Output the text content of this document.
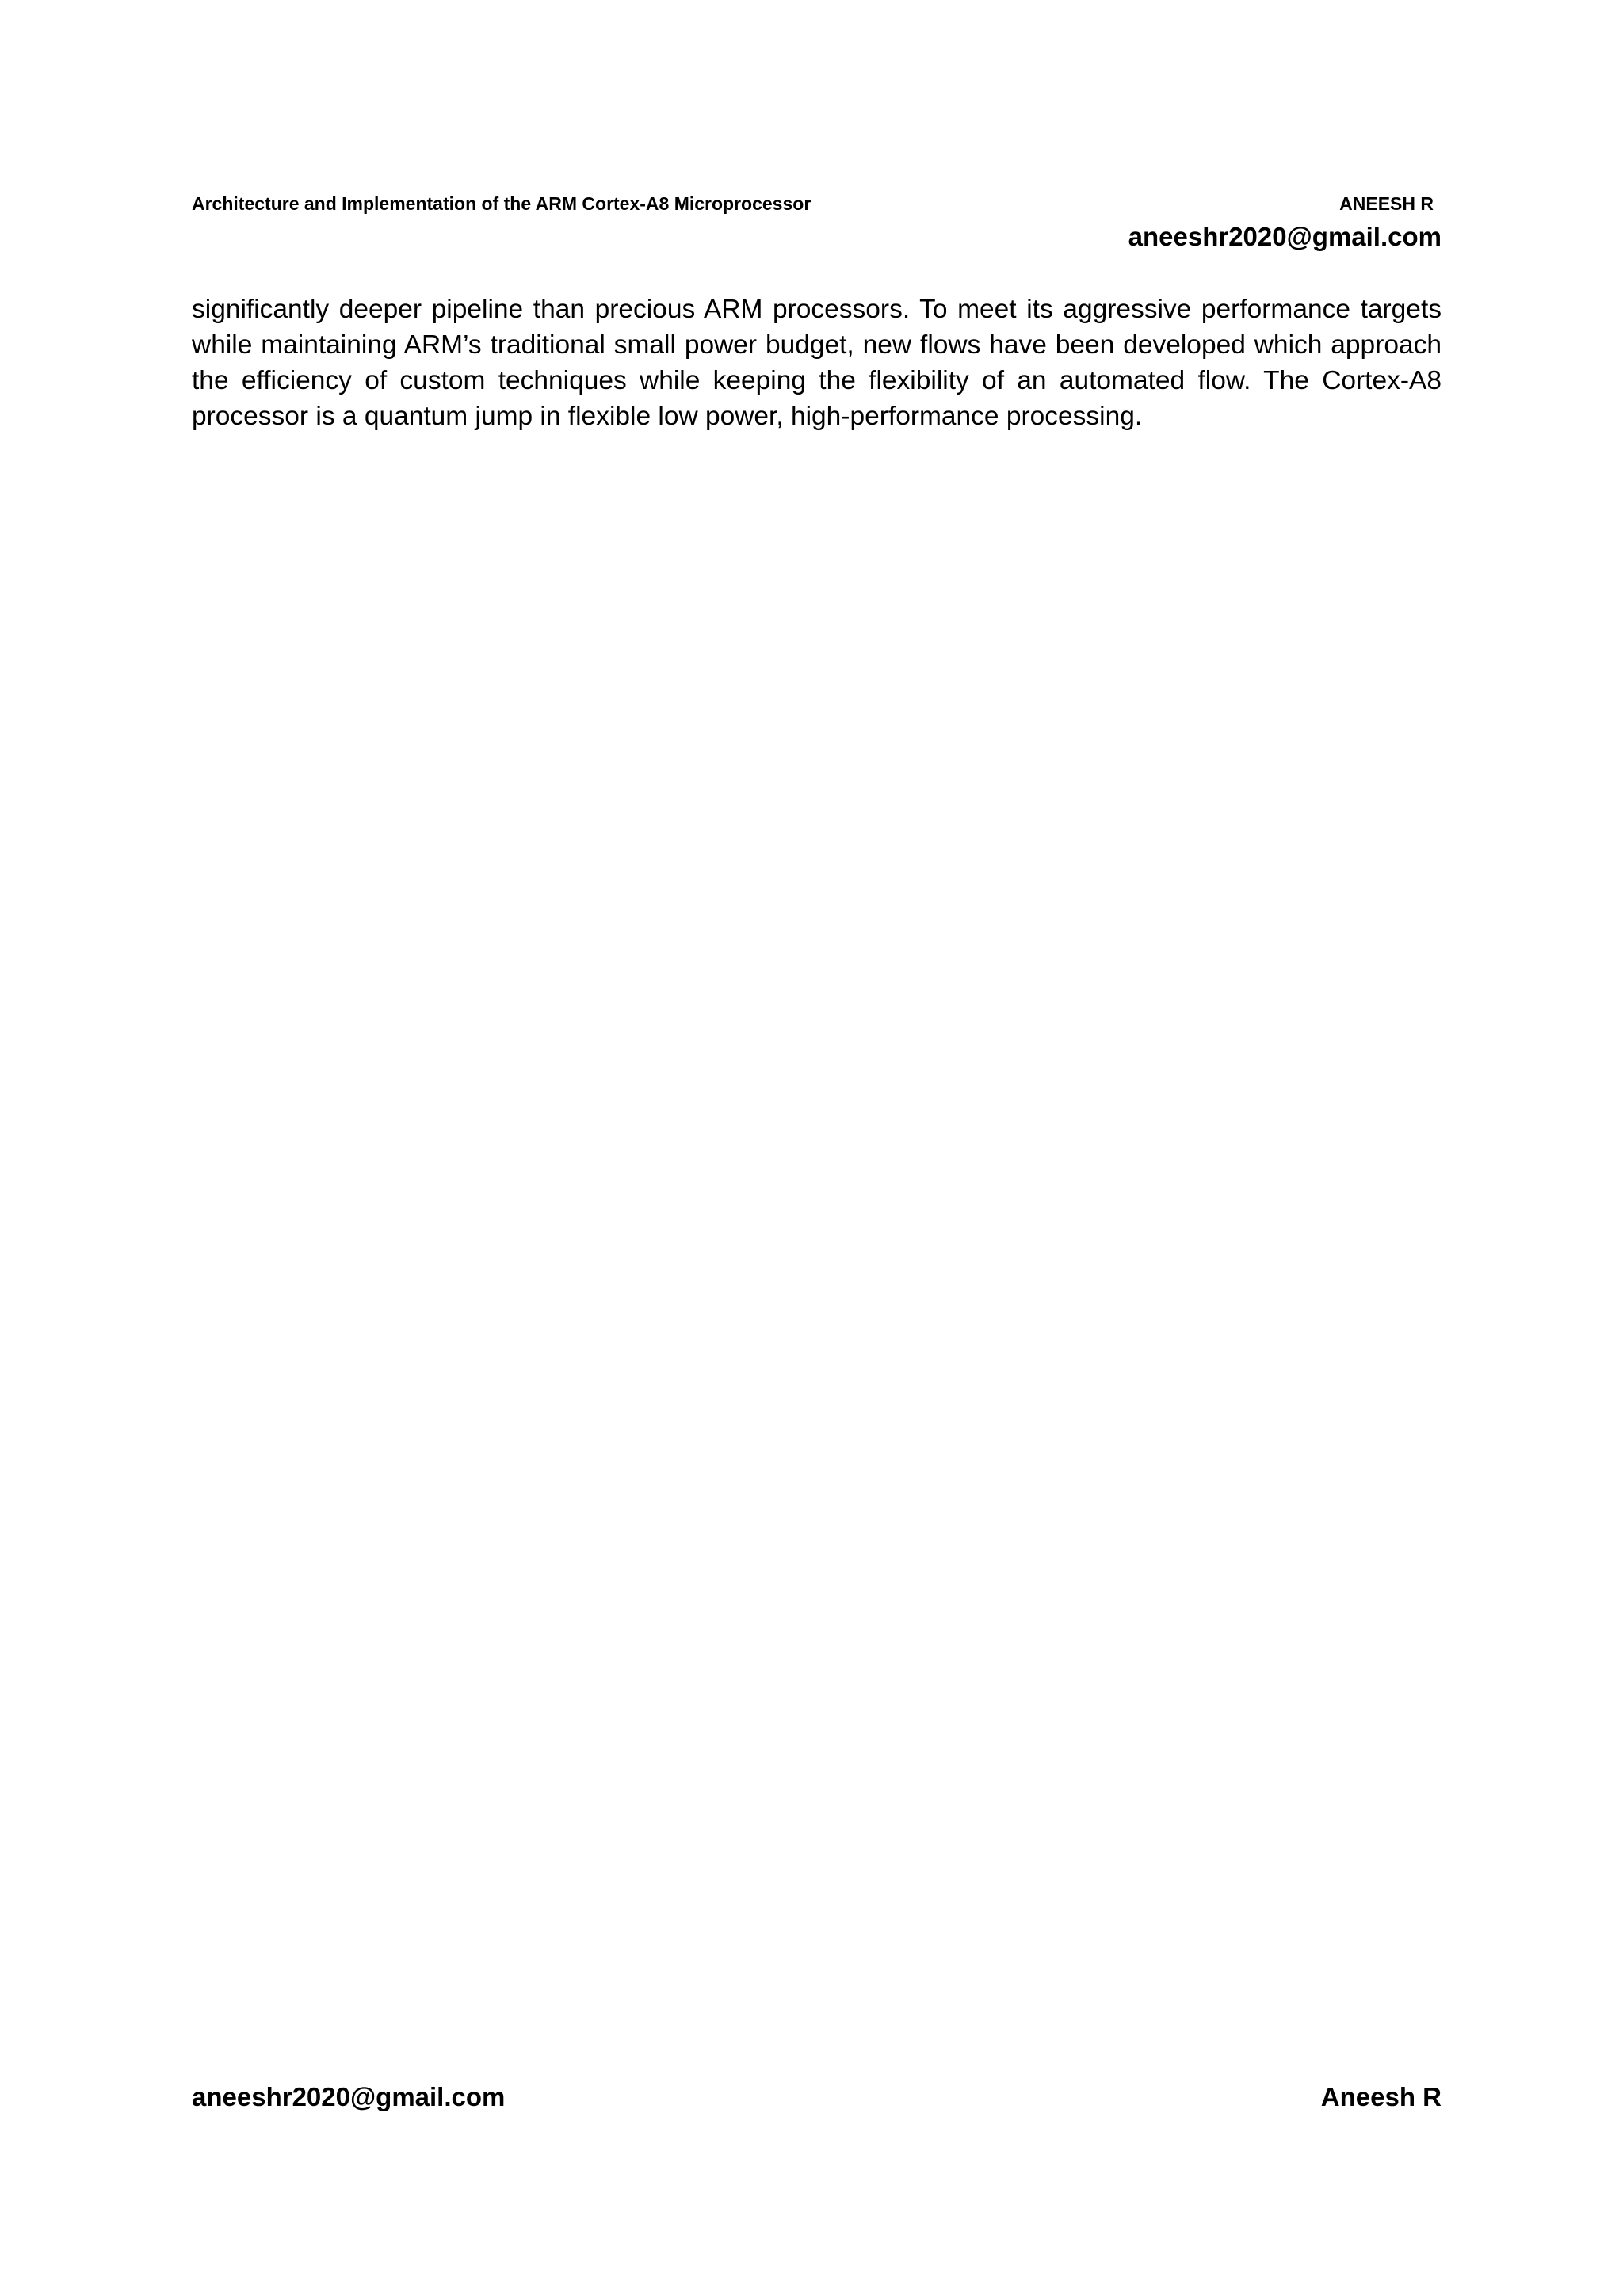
Architecture and Implementation of the ARM Cortex-A8 Microprocessor	ANEESH R
aneeshr2020@gmail.com

significantly deeper pipeline than precious ARM processors. To meet its aggressive performance targets while maintaining ARM’s traditional small power budget, new flows have been developed which approach the efficiency of custom techniques while keeping the flexibility of an automated flow. The Cortex-A8 processor is a quantum jump in flexible low power, high-performance processing.

aneeshr2020@gmail.com	Aneesh R
